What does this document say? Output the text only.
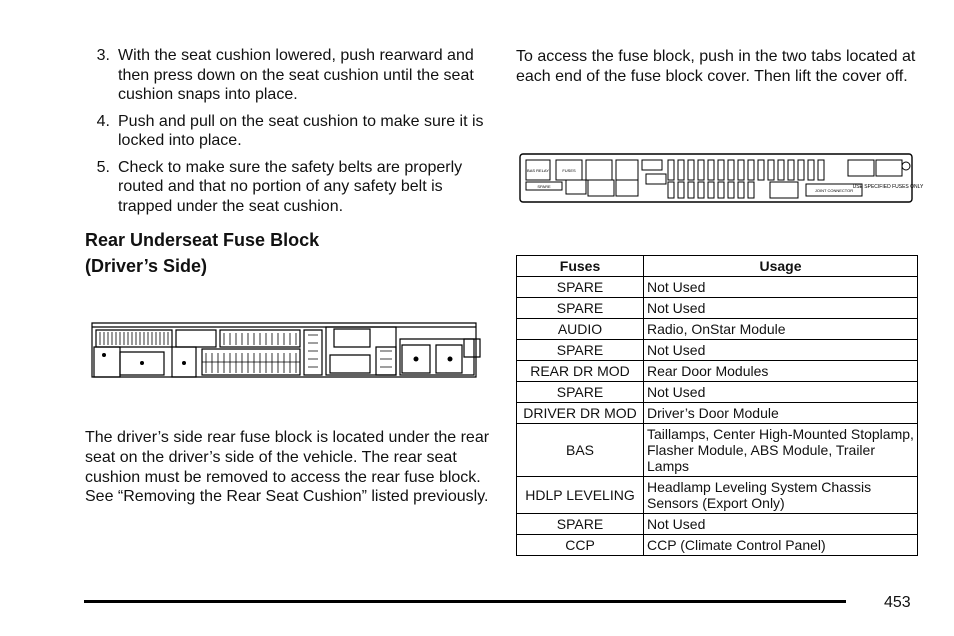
3. With the seat cushion lowered, push rearward and then press down on the seat cushion until the seat cushion snaps into place.
4. Push and pull on the seat cushion to make sure it is locked into place.
5. Check to make sure the safety belts are properly routed and that no portion of any safety belt is trapped under the seat cushion.
Rear Underseat Fuse Block
(Driver’s Side)
The driver’s side rear fuse block is located under the rear seat on the driver’s side of the vehicle. The rear seat cushion must be removed to access the rear fuse block. See “Removing the Rear Seat Cushion” listed previously.
To access the fuse block, push in the two tabs located at each end of the fuse block cover. Then lift the cover off.
BAS RELAY	FUSES
JOINT CONNECTOR
SPARE	USE SPECIFIED FUSES ONLY
Fuses	Usage
SPARE	Not Used
SPARE	Not Used
AUDIO	Radio, OnStar Module
SPARE	Not Used
REAR DR MOD	Rear Door Modules
SPARE	Not Used
DRIVER DR MOD	Driver’s Door Module
BAS	Taillamps, Center High-Mounted Stoplamp, Flasher Module, ABS Module, Trailer Lamps
HDLP LEVELING	Headlamp Leveling System Chassis Sensors (Export Only)
SPARE	Not Used
CCP	CCP (Climate Control Panel)
453
